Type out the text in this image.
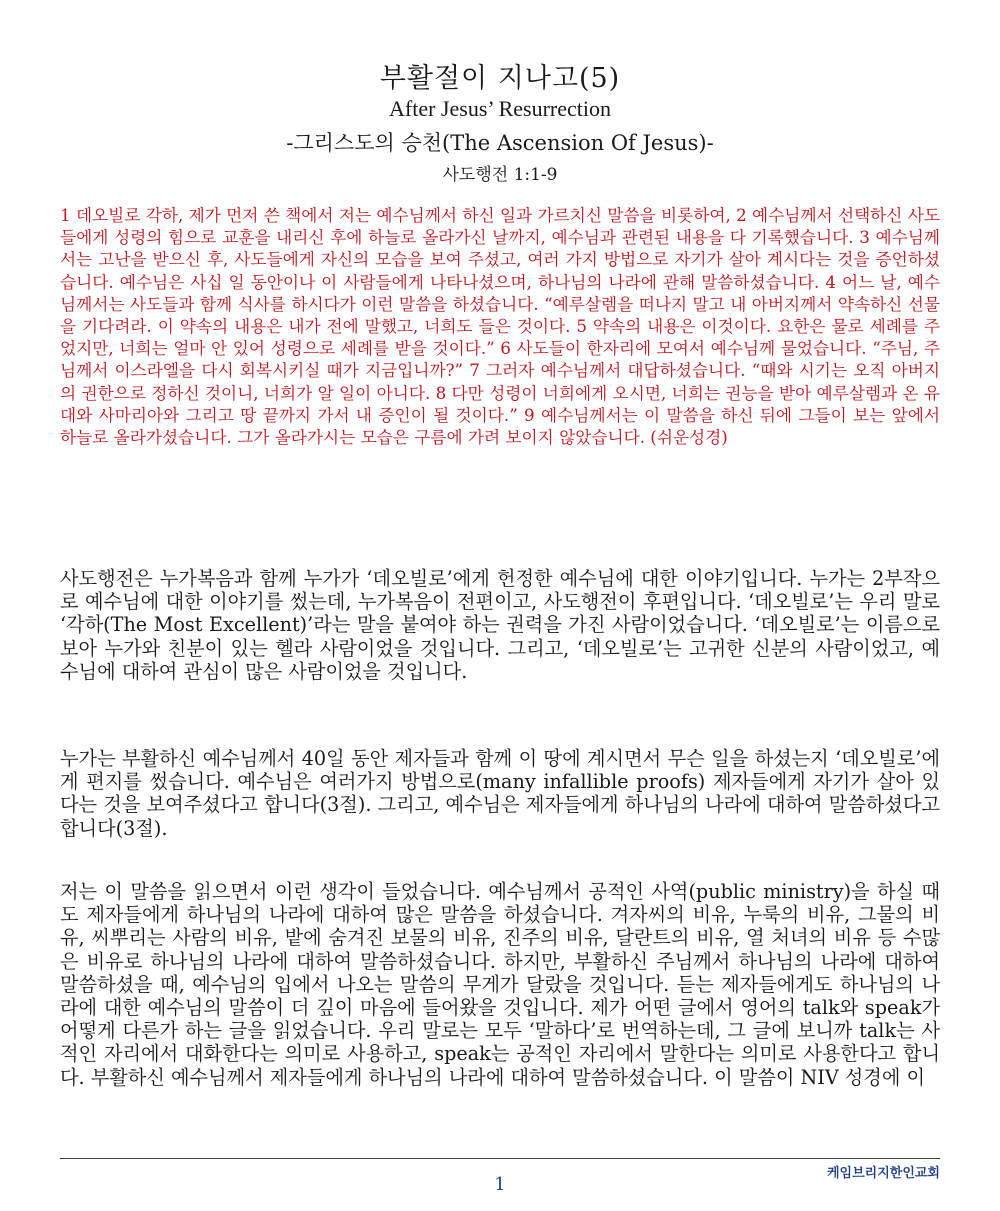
부활절이 지나고(5)
After Jesus’ Resurrection
-그리스도의 승천(The Ascension Of Jesus)-
사도행전 1:1-9
1 데오빌로 각하, 제가 먼저 쓴 책에서 저는 예수님께서 하신 일과 가르치신 말씀을 비롯하여, 2 예수님께서 선택하신 사도들에게 성령의 힘으로 교훈을 내리신 후에 하늘로 올라가신 날까지, 예수님과 관련된 내용을 다 기록했습니다. 3 예수님께서는 고난을 받으신 후, 사도들에게 자신의 모습을 보여 주셨고, 여러 가지 방법으로 자기가 살아 계시다는 것을 증언하셨습니다. 예수님은 사십 일 동안이나 이 사람들에게 나타나셨으며, 하나님의 나라에 관해 말씀하셨습니다. 4 어느 날, 예수님께서는 사도들과 함께 식사를 하시다가 이런 말씀을 하셨습니다. “예루살렘을 떠나지 말고 내 아버지께서 약속하신 선물을 기다려라. 이 약속의 내용은 내가 전에 말했고, 너희도 들은 것이다. 5 약속의 내용은 이것이다. 요한은 물로 세례를 주었지만, 너희는 얼마 안 있어 성령으로 세례를 받을 것이다.” 6 사도들이 한자리에 모여서 예수님께 물었습니다. “주님, 주님께서 이스라엘을 다시 회복시키실 때가 지금입니까?” 7 그러자 예수님께서 대답하셨습니다. “때와 시기는 오직 아버지의 권한으로 정하신 것이니, 너희가 알 일이 아니다. 8 다만 성령이 너희에게 오시면, 너희는 권능을 받아 예루살렘과 온 유대와 사마리아와 그리고 땅 끝까지 가서 내 증인이 될 것이다.” 9 예수님께서는 이 말씀을 하신 뒤에 그들이 보는 앞에서 하늘로 올라가셨습니다. 그가 올라가시는 모습은 구름에 가려 보이지 않았습니다. (쉬운성경)
사도행전은 누가복음과 함께 누가가 ‘데오빌로’에게 헌정한 예수님에 대한 이야기입니다. 누가는 2부작으로 예수님에 대한 이야기를 썼는데, 누가복음이 전편이고, 사도행전이 후편입니다. ‘데오빌로’는 우리 말로 ‘각하(The Most Excellent)’라는 말을 붙여야 하는 권력을 가진 사람이었습니다. ‘데오빌로’는 이름으로 보아 누가와 친분이 있는 헬라 사람이었을 것입니다. 그리고, ‘데오빌로’는 고귀한 신분의 사람이었고, 예수님에 대하여 관심이 많은 사람이었을 것입니다.
누가는 부활하신 예수님께서 40일 동안 제자들과 함께 이 땅에 계시면서 무슨 일을 하셨는지 ‘데오빌로’에게 편지를 썼습니다. 예수님은 여러가지 방법으로(many infallible proofs) 제자들에게 자기가 살아 있다는 것을 보여주셨다고 합니다(3절). 그리고, 예수님은 제자들에게 하나님의 나라에 대하여 말씀하셨다고 합니다(3절).
저는 이 말씀을 읽으면서 이런 생각이 들었습니다. 예수님께서 공적인 사역(public ministry)을 하실 때도 제자들에게 하나님의 나라에 대하여 많은 말씀을 하셨습니다. 겨자씨의 비유, 누룩의 비유, 그물의 비유, 씨뿌리는 사람의 비유, 밭에 숨겨진 보물의 비유, 진주의 비유, 달란트의 비유, 열 처녀의 비유 등 수많은 비유로 하나님의 나라에 대하여 말씀하셨습니다. 하지만, 부활하신 주님께서 하나님의 나라에 대하여 말씀하셨을 때, 예수님의 입에서 나오는 말씀의 무게가 달랐을 것입니다. 듣는 제자들에게도 하나님의 나라에 대한 예수님의 말씀이 더 깊이 마음에 들어왔을 것입니다. 제가 어떤 글에서 영어의 talk와 speak가 어떻게 다른가 하는 글을 읽었습니다. 우리 말로는 모두 ‘말하다’로 번역하는데, 그 글에 보니까 talk는 사적인 자리에서 대화한다는 의미로 사용하고, speak는 공적인 자리에서 말한다는 의미로 사용한다고 합니다. 부활하신 예수님께서 제자들에게 하나님의 나라에 대하여 말씀하셨습니다. 이 말씀이 NIV 성경에 이
케임브리지한인교회
1
